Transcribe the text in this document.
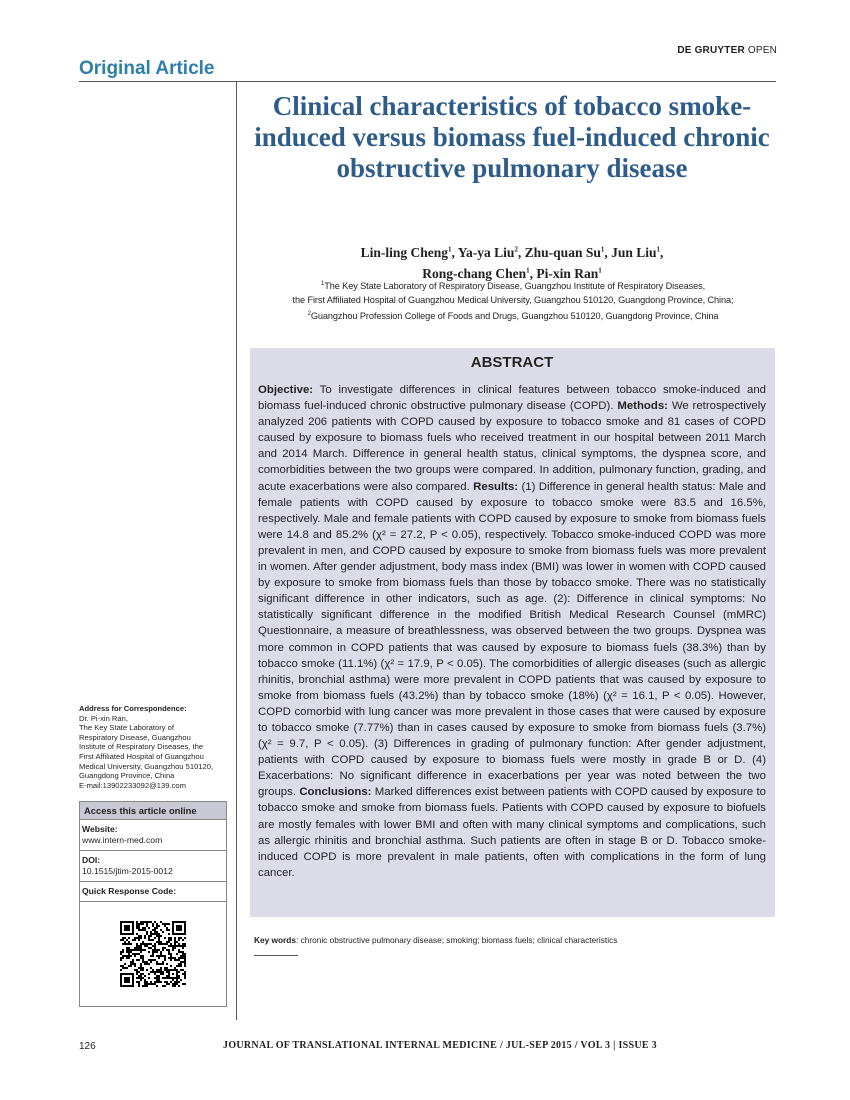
DE GRUYTER OPEN
Original Article
Clinical characteristics of tobacco smoke-induced versus biomass fuel-induced chronic obstructive pulmonary disease
Lin-ling Cheng$^1$, Ya-ya Liu$^2$, Zhu-quan Su$^1$, Jun Liu$^1$,
Rong-chang Chen$^1$, Pi-xin Ran$^1$
$^1$The Key State Laboratory of Respiratory Disease, Guangzhou Institute of Respiratory Diseases,
the First Affiliated Hospital of Guangzhou Medical University, Guangzhou 510120, Guangdong Province, China;
$^2$Guangzhou Profession College of Foods and Drugs, Guangzhou 510120, Guangdong Province, China
ABSTRACT

Objective: To investigate differences in clinical features between tobacco smoke-induced and biomass fuel-induced chronic obstructive pulmonary disease (COPD). Methods: We retrospectively analyzed 206 patients with COPD caused by exposure to tobacco smoke and 81 cases of COPD caused by exposure to biomass fuels who received treatment in our hospital between 2011 March and 2014 March. Difference in general health status, clinical symptoms, the dyspnea score, and comorbidities between the two groups were compared. In addition, pulmonary function, grading, and acute exacerbations were also compared. Results: (1) Difference in general health status: Male and female patients with COPD caused by exposure to tobacco smoke were 83.5 and 16.5%, respectively. Male and female patients with COPD caused by exposure to smoke from biomass fuels were 14.8 and 85.2% (χ² = 27.2, P < 0.05), respectively. Tobacco smoke-induced COPD was more prevalent in men, and COPD caused by exposure to smoke from biomass fuels was more prevalent in women. After gender adjustment, body mass index (BMI) was lower in women with COPD caused by exposure to smoke from biomass fuels than those by tobacco smoke. There was no statistically significant difference in other indicators, such as age. (2): Difference in clinical symptoms: No statistically significant difference in the modified British Medical Research Counsel (mMRC) Questionnaire, a measure of breathlessness, was observed between the two groups. Dyspnea was more common in COPD patients that was caused by exposure to biomass fuels (38.3%) than by tobacco smoke (11.1%) (χ² = 17.9, P < 0.05). The comorbidities of allergic diseases (such as allergic rhinitis, bronchial asthma) were more prevalent in COPD patients that was caused by exposure to smoke from biomass fuels (43.2%) than by tobacco smoke (18%) (χ² = 16.1, P < 0.05). However, COPD comorbid with lung cancer was more prevalent in those cases that were caused by exposure to tobacco smoke (7.77%) than in cases caused by exposure to smoke from biomass fuels (3.7%) (χ² = 9.7, P < 0.05). (3) Differences in grading of pulmonary function: After gender adjustment, patients with COPD caused by exposure to biomass fuels were mostly in grade B or D. (4) Exacerbations: No significant difference in exacerbations per year was noted between the two groups. Conclusions: Marked differences exist between patients with COPD caused by exposure to tobacco smoke and smoke from biomass fuels. Patients with COPD caused by exposure to biofuels are mostly females with lower BMI and often with many clinical symptoms and complications, such as allergic rhinitis and bronchial asthma. Such patients are often in stage B or D. Tobacco smoke-induced COPD is more prevalent in male patients, often with complications in the form of lung cancer.

Key words: chronic obstructive pulmonary disease; smoking; biomass fuels; clinical characteristics
Address for Correspondence:
Dr. Pi-xin Ran,
The Key State Laboratory of
Respiratory Disease, Guangzhou
Institute of Respiratory Diseases, the
First Affiliated Hospital of Guangzhou
Medical University, Guangzhou 510120,
Guangdong Province, China
E-mail:13902233092@139.com
Access this article online
Website:
www.intern-med.com
DOI:
10.1515/jtim-2015-0012
Quick Response Code:
126	JOURNAL OF TRANSLATIONAL INTERNAL MEDICINE / JUL-SEP 2015 / VOL 3 | ISSUE 3
